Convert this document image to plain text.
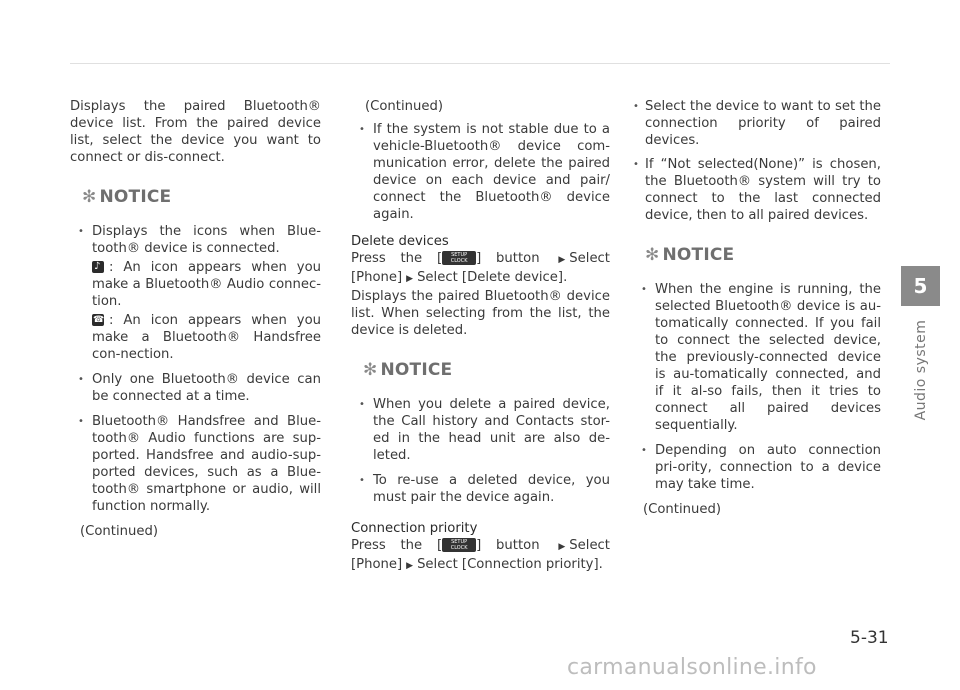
Displays the paired Bluetooth® device list. From the paired device list, select the device you want to connect or dis-connect.

✻ NOTICE
• Displays the icons when Blue-tooth® device is connected.
♪: An icon appears when you make a Bluetooth® Audio connec-tion.
☎: An icon appears when you make a Bluetooth® Handsfree con-nection.
• Only one Bluetooth® device can be connected at a time.
• Bluetooth® Handsfree and Blue-tooth® Audio functions are sup-ported. Handsfree and audio-sup-ported devices, such as a Blue-tooth® smartphone or audio, will function normally.

(Continued)

(Continued)

• If the system is not stable due to a vehicle-Bluetooth® device com-munication error, delete the paired device on each device and pair/ connect the Bluetooth® device again.

Delete devices

Press the [ SETUP
CLOCK ] button ▶ Select [Phone] ▶ Select [Delete device].

Displays the paired Bluetooth® device list. When selecting from the list, the device is deleted.

✻ NOTICE
• When you delete a paired device, the Call history and Contacts stor-ed in the head unit are also de-leted.
• To re-use a deleted device, you must pair the device again.

Connection priority

Press the [ SETUP
CLOCK ] button ▶ Select [Phone] ▶ Select [Connection priority].

• Select the device to want to set the connection priority of paired devices.
• If “Not selected(None)” is chosen, the Bluetooth® system will try to connect to the last connected device, then to all paired devices.
✻ NOTICE
• When the engine is running, the selected Bluetooth® device is au-tomatically connected. If you fail to connect the selected device, the previously-connected device is au-tomatically connected, and if it al-so fails, then it tries to connect all paired devices sequentially.
• Depending on auto connection pri-ority, connection to a device may take time.

(Continued)

5
Audio system
5-31
carmanualsonline.info
